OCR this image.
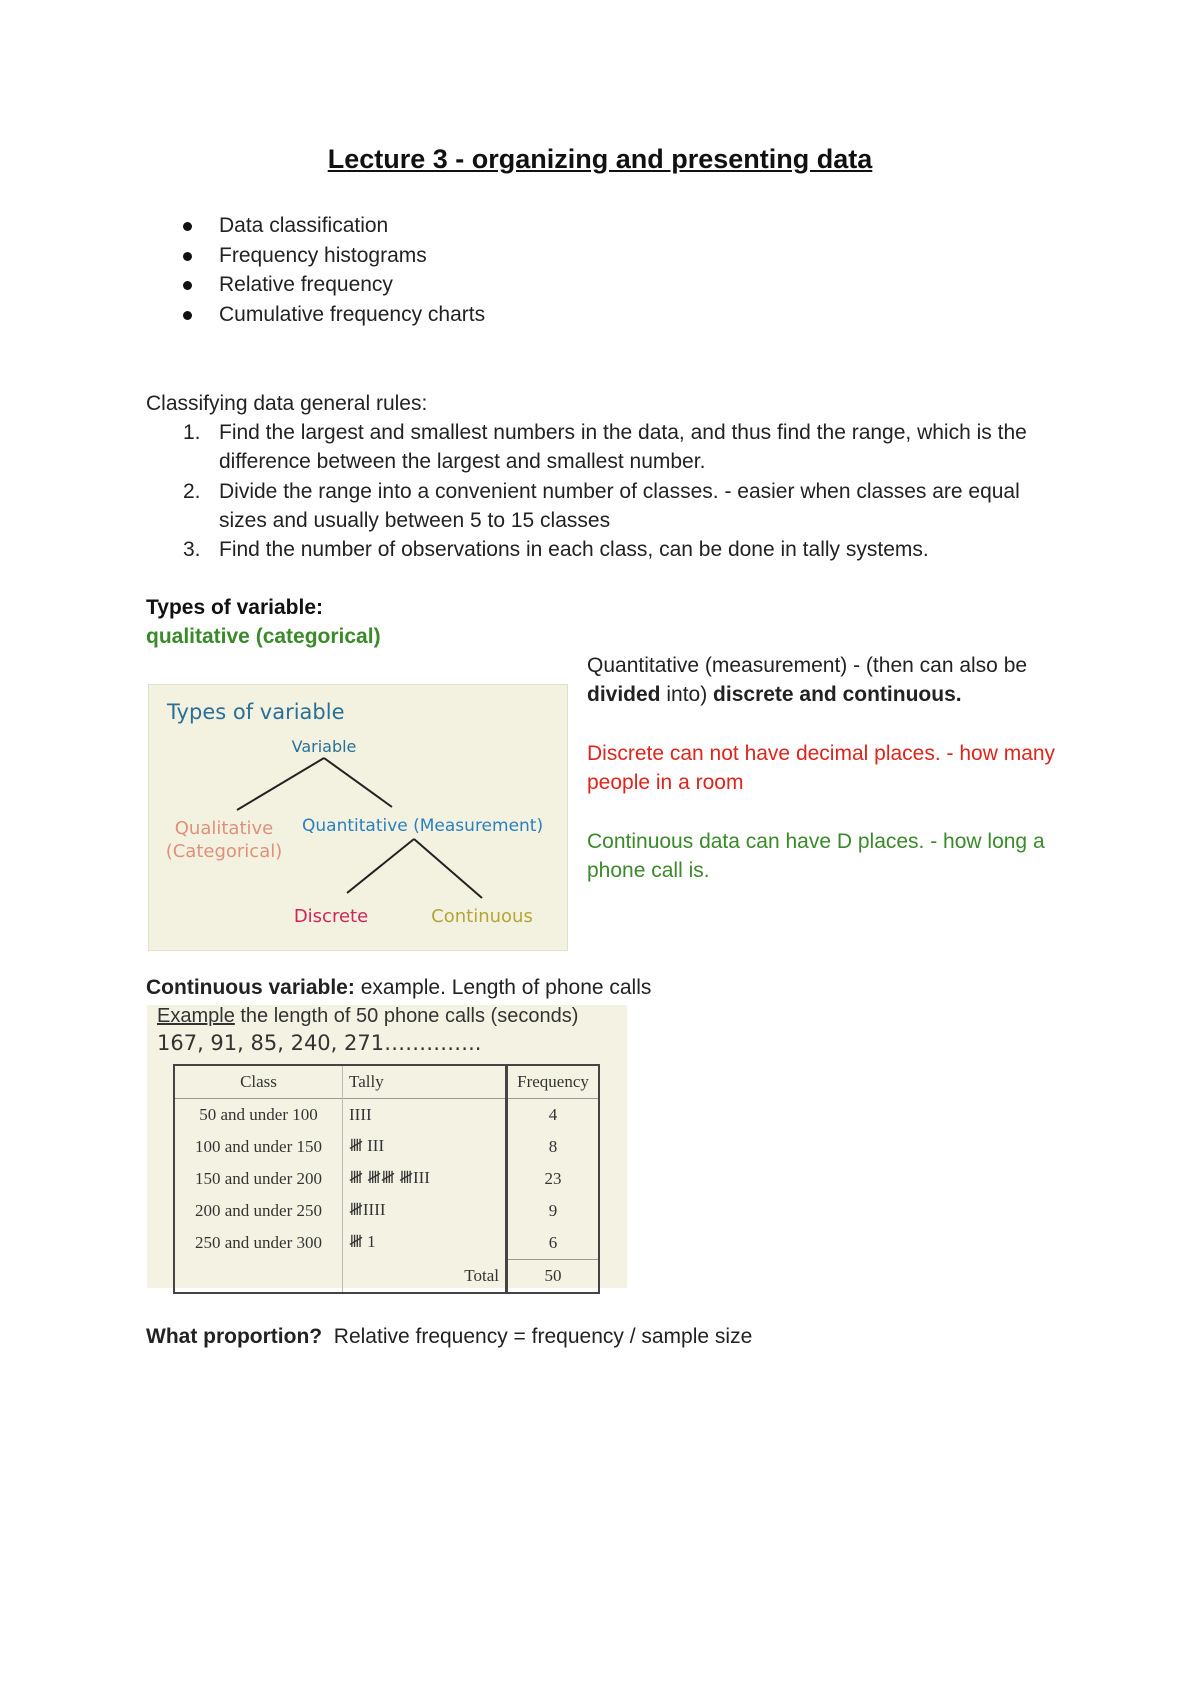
Lecture 3 - organizing and presenting data
Data classification
Frequency histograms
Relative frequency
Cumulative frequency charts
Classifying data general rules:
1. Find the largest and smallest numbers in the data, and thus find the range, which is the difference between the largest and smallest number.
2. Divide the range into a convenient number of classes. - easier when classes are equal sizes and usually between 5 to 15 classes
3. Find the number of observations in each class, can be done in tally systems.
Types of variable:
qualitative (categorical)

Quantitative (measurement) - (then can also be divided into) discrete and continuous.

Discrete can not have decimal places. - how many people in a room

Continuous data can have D places. - how long a phone call is.

Types of variable
Variable
Qualitative
(Categorical)
Quantitative (Measurement)
Discrete	Continuous
Continuous variable: example. Length of phone calls
Example the length of 50 phone calls (seconds)
167, 91, 85, 240, 271…………..
Class	Tally	Frequency
50 and under 100	IIII	4
100 and under 150	𝍸 III	8
150 and under 200	𝍸 𝍸𝍸 𝍸III	23
200 and under 250	𝍸IIII	9
250 and under 300	𝍸 1	6
	Total	50
What proportion?  Relative frequency = frequency / sample size
